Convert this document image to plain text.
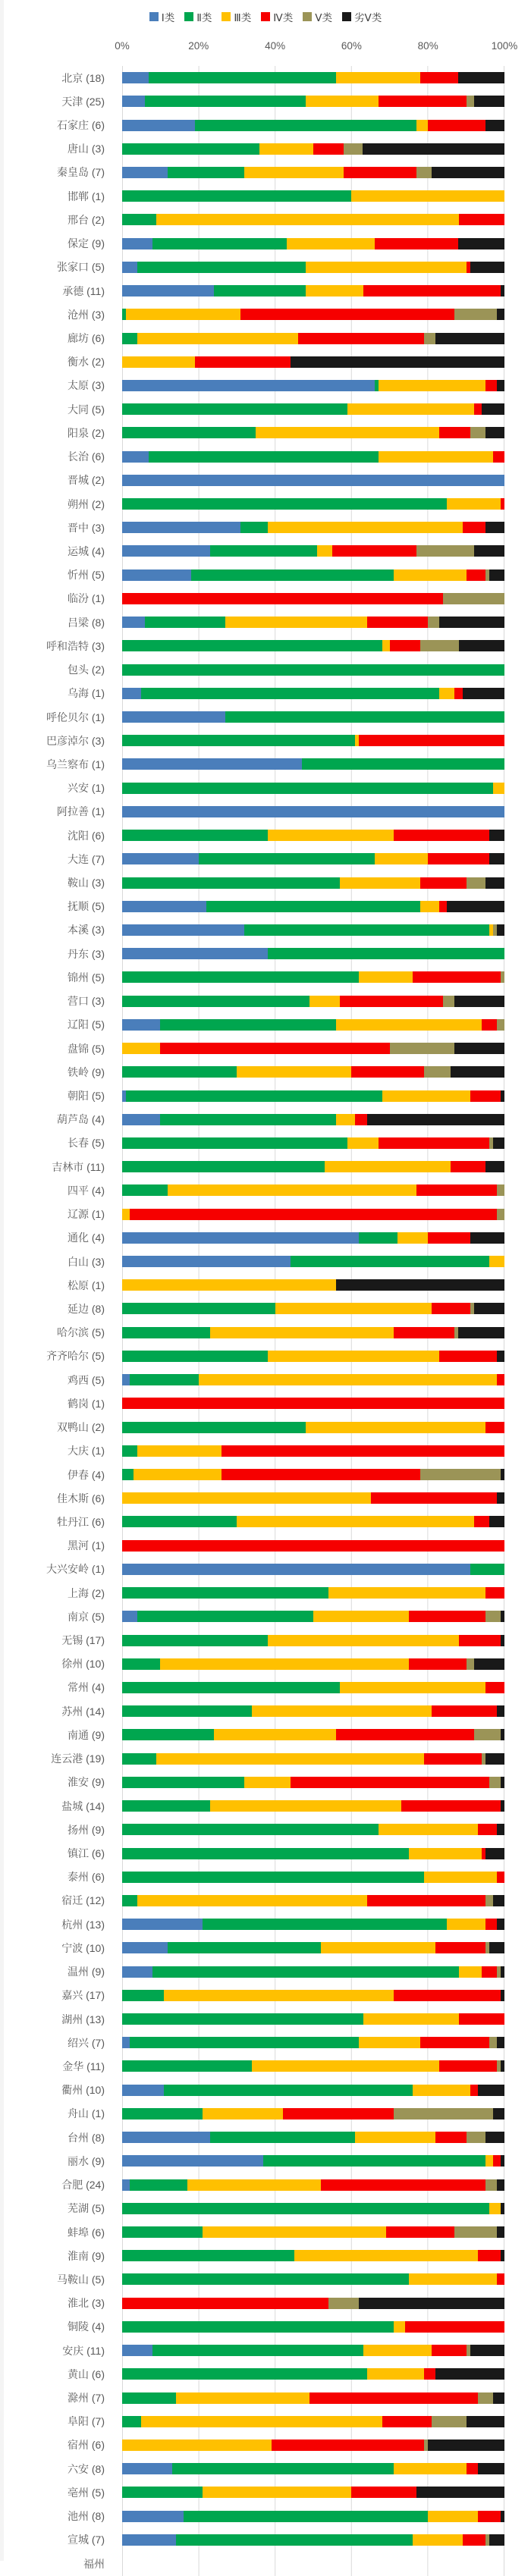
Ⅰ类 Ⅱ类 Ⅲ类 Ⅳ类 Ⅴ类 劣Ⅴ类
0%	20%	40%	60%	80%	100%
北京 (18)
天津 (25)
石家庄 (6)
唐山 (3)
秦皇岛 (7)
邯郸 (1)
邢台 (2)
保定 (9)
张家口 (5)
承德 (11)
沧州 (3)
廊坊 (6)
衡水 (2)
太原 (3)
大同 (5)
阳泉 (2)
长治 (6)
晋城 (2)
朔州 (2)
晋中 (3)
运城 (4)
忻州 (5)
临汾 (1)
吕梁 (8)
呼和浩特 (3)
包头 (2)
乌海 (1)
呼伦贝尔 (1)
巴彦淖尔 (3)
乌兰察布 (1)
兴安 (1)
阿拉善 (1)
沈阳 (6)
大连 (7)
鞍山 (3)
抚顺 (5)
本溪 (3)
丹东 (3)
锦州 (5)
营口 (3)
辽阳 (5)
盘锦 (5)
铁岭 (9)
朝阳 (5)
葫芦岛 (4)
长春 (5)
吉林市 (11)
四平 (4)
辽源 (1)
通化 (4)
白山 (3)
松原 (1)
延边 (8)
哈尔滨 (5)
齐齐哈尔 (5)
鸡西 (5)
鹤岗 (1)
双鸭山 (2)
大庆 (1)
伊春 (4)
佳木斯 (6)
牡丹江 (6)
黑河 (1)
大兴安岭 (1)
上海 (2)
南京 (5)
无锡 (17)
徐州 (10)
常州 (4)
苏州 (14)
南通 (9)
连云港 (19)
淮安 (9)
盐城 (14)
扬州 (9)
镇江 (6)
泰州 (6)
宿迁 (12)
杭州 (13)
宁波 (10)
温州 (9)
嘉兴 (17)
湖州 (13)
绍兴 (7)
金华 (11)
衢州 (10)
舟山 (1)
台州 (8)
丽水 (9)
合肥 (24)
芜湖 (5)
蚌埠 (6)
淮南 (9)
马鞍山 (5)
淮北 (3)
铜陵 (4)
安庆 (11)
黄山 (6)
滁州 (7)
阜阳 (7)
宿州 (6)
六安 (8)
亳州 (5)
池州 (8)
宣城 (7)
福州
